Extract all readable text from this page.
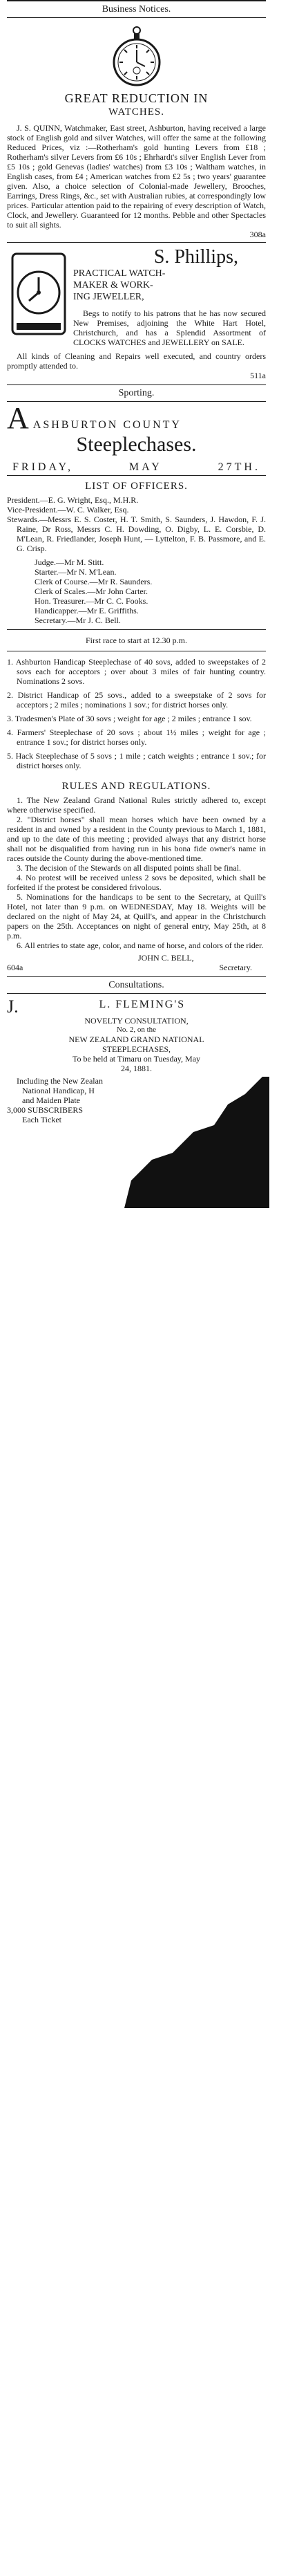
Business Notices.
GREAT REDUCTION IN
WATCHES.

J. S. QUINN, Watchmaker, East street, Ashburton, having received a large stock of English gold and silver Watches, will offer the same at the following Reduced Prices, viz :—Rotherham's gold hunting Levers from £18 ; Rotherham's silver Levers from £6 10s ; Ehrhardt's silver English Lever from £5 10s ; gold Genevas (ladies' watches) from £3 10s ; Waltham watches, in English cases, from £4 ; American watches from £2 5s ; two years' guarantee given. Also, a choice selection of Colonial-made Jewellery, Brooches, Earrings, Dress Rings, &c., set with Australian rubies, at correspondingly low prices. Particular attention paid to the repairing of every description of Watch, Clock, and Jewellery. Guaranteed for 12 months. Pebble and other Spectacles to suit all sights.

308a
S. Phillips,
PRACTICAL WATCH-
MAKER & WORK-
ING JEWELLER,

Begs to notify to his patrons that he has now secured New Premises, adjoining the White Hart Hotel, Christchurch, and has a Splendid Assortment of CLOCKS WATCHES and JEWELLERY on SALE.

All kinds of Cleaning and Repairs well executed, and country orders promptly attended to.

511a
Sporting.
A ASHBURTON COUNTY
Steeplechases.
FRIDAY,	MAY	27TH.
LIST OF OFFICERS.

President.—E. G. Wright, Esq., M.H.R.

Vice-President.—W. C. Walker, Esq.

Stewards.—Messrs E. S. Coster, H. T. Smith, S. Saunders, J. Hawdon, F. J. Raine, Dr Ross, Messrs C. H. Dowding, O. Digby, L. E. Corsbie, D. M'Lean, R. Friedlander, Joseph Hunt, — Lyttelton, F. B. Passmore, and E. G. Crisp.

Judge.—Mr M. Stitt.
Starter.—Mr N. M'Lean.
Clerk of Course.—Mr R. Saunders.
Clerk of Scales.—Mr John Carter.
Hon. Treasurer.—Mr C. C. Fooks.
Handicapper.—Mr E. Griffiths.
Secretary.—Mr J. C. Bell.
First race to start at 12.30 p.m.

1. Ashburton Handicap Steeplechase of 40 sovs, added to sweepstakes of 2 sovs each for acceptors ; over about 3 miles of fair hunting country. Nominations 2 sovs.

2. District Handicap of 25 sovs., added to a sweepstake of 2 sovs for acceptors ; 2 miles ; nominations 1 sov.; for district horses only.

3. Tradesmen's Plate of 30 sovs ; weight for age ; 2 miles ; entrance 1 sov.

4. Farmers' Steeplechase of 20 sovs ; about 1½ miles ; weight for age ; entrance 1 sov.; for district horses only.

5. Hack Steeplechase of 5 sovs ; 1 mile ; catch weights ; entrance 1 sov.; for district horses only.

RULES AND REGULATIONS.

1. The New Zealand Grand National Rules strictly adhered to, except where otherwise specified.

2. "District horses" shall mean horses which have been owned by a resident in and owned by a resident in the County previous to March 1, 1881, and up to the date of this meeting ; provided always that any district horse shall not be disqualified from having run in his bona fide owner's name in races outside the County during the above-mentioned time.

3. The decision of the Stewards on all disputed points shall be final.

4. No protest will be received unless 2 sovs be deposited, which shall be forfeited if the protest be considered frivolous.

5. Nominations for the handicaps to be sent to the Secretary, at Quill's Hotel, not later than 9 p.m. on WEDNESDAY, May 18. Weights will be declared on the night of May 24, at Quill's, and appear in the Christchurch papers on the 25th. Acceptances on night of general entry, May 25th, at 8 p.m.

6. All entries to state age, color, and name of horse, and colors of the rider.

JOHN C. BELL,
604a	Secretary.
Consultations.
J.	L. FLEMING'S
NOVELTY CONSULTATION,
No. 2, on the
NEW ZEALAND GRAND NATIONAL
STEEPLECHASES,
To be held at Timaru on Tuesday, May
24, 1881.
Including the New Zealan
National Handicap, H
and Maiden Plate
3,000 SUBSCRIBERS
Each Ticket
